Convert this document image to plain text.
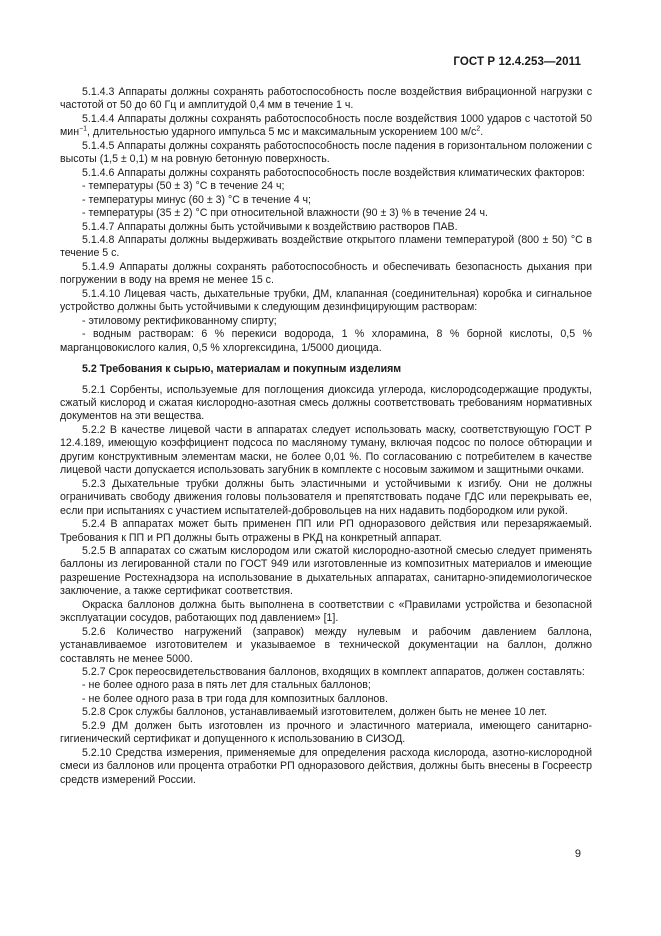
ГОСТ Р 12.4.253—2011

5.1.4.3 Аппараты должны сохранять работоспособность после воздействия вибрационной нагрузки с частотой от 50 до 60 Гц и амплитудой 0,4 мм в течение 1 ч.

5.1.4.4 Аппараты должны сохранять работоспособность после воздействия 1000 ударов с частотой 50 мин$^{-1}$, длительностью ударного импульса 5 мс и максимальным ускорением 100 $м/с^2$.

5.1.4.5 Аппараты должны сохранять работоспособность после падения в горизонтальном положении с высоты (1,5 ± 0,1) м на ровную бетонную поверхность.

5.1.4.6 Аппараты должны сохранять работоспособность после воздействия климатических факторов:

- температуры (50 ± 3) °С в течение 24 ч;

- температуры минус (60 ± 3) °С в течение 4 ч;

- температуры (35 ± 2) °С при относительной влажности (90 ± 3) % в течение 24 ч.

5.1.4.7 Аппараты должны быть устойчивыми к воздействию растворов ПАВ.

5.1.4.8 Аппараты должны выдерживать воздействие открытого пламени температурой (800 ± 50) °С в течение 5 с.

5.1.4.9 Аппараты должны сохранять работоспособность и обеспечивать безопасность дыхания при погружении в воду на время не менее 15 с.

5.1.4.10 Лицевая часть, дыхательные трубки, ДМ, клапанная (соединительная) коробка и сигнальное устройство должны быть устойчивыми к следующим дезинфицирующим растворам:

- этиловому ректификованному спирту;

- водным растворам: 6 % перекиси водорода, 1 % хлорамина, 8 % борной кислоты, 0,5 % марганцовокислого калия, 0,5 % хлоргексидина, 1/5000 диоцида.

5.2 Требования к сырью, материалам и покупным изделиям

5.2.1 Сорбенты, используемые для поглощения диоксида углерода, кислородсодержащие продукты, сжатый кислород и сжатая кислородно-азотная смесь должны соответствовать требованиям нормативных документов на эти вещества.

5.2.2 В качестве лицевой части в аппаратах следует использовать маску, соответствующую ГОСТ Р 12.4.189, имеющую коэффициент подсоса по масляному туману, включая подсос по полосе обтюрации и другим конструктивным элементам маски, не более 0,01 %. По согласованию с потребителем в качестве лицевой части допускается использовать загубник в комплекте с носовым зажимом и защитными очками.

5.2.3 Дыхательные трубки должны быть эластичными и устойчивыми к изгибу. Они не должны ограничивать свободу движения головы пользователя и препятствовать подаче ГДС или перекрывать ее, если при испытаниях с участием испытателей-добровольцев на них надавить подбородком или рукой.

5.2.4 В аппаратах может быть применен ПП или РП одноразового действия или перезаряжаемый. Требования к ПП и РП должны быть отражены в РКД на конкретный аппарат.

5.2.5 В аппаратах со сжатым кислородом или сжатой кислородно-азотной смесью следует применять баллоны из легированной стали по ГОСТ 949 или изготовленные из композитных материалов и имеющие разрешение Ростехнадзора на использование в дыхательных аппаратах, санитарно-эпидемиологическое заключение, а также сертификат соответствия.

Окраска баллонов должна быть выполнена в соответствии с «Правилами устройства и безопасной эксплуатации сосудов, работающих под давлением» [1].

5.2.6 Количество нагружений (заправок) между нулевым и рабочим давлением баллона, устанавливаемое изготовителем и указываемое в технической документации на баллон, должно составлять не менее 5000.

5.2.7 Срок переосвидетельствования баллонов, входящих в комплект аппаратов, должен составлять:

- не более одного раза в пять лет для стальных баллонов;

- не более одного раза в три года для композитных баллонов.

5.2.8 Срок службы баллонов, устанавливаемый изготовителем, должен быть не менее 10 лет.

5.2.9 ДМ должен быть изготовлен из прочного и эластичного материала, имеющего санитарно-гигиенический сертификат и допущенного к использованию в СИЗОД.

5.2.10 Средства измерения, применяемые для определения расхода кислорода, азотно-кислородной смеси из баллонов или процента отработки РП одноразового действия, должны быть внесены в Госреестр средств измерений России.

9
